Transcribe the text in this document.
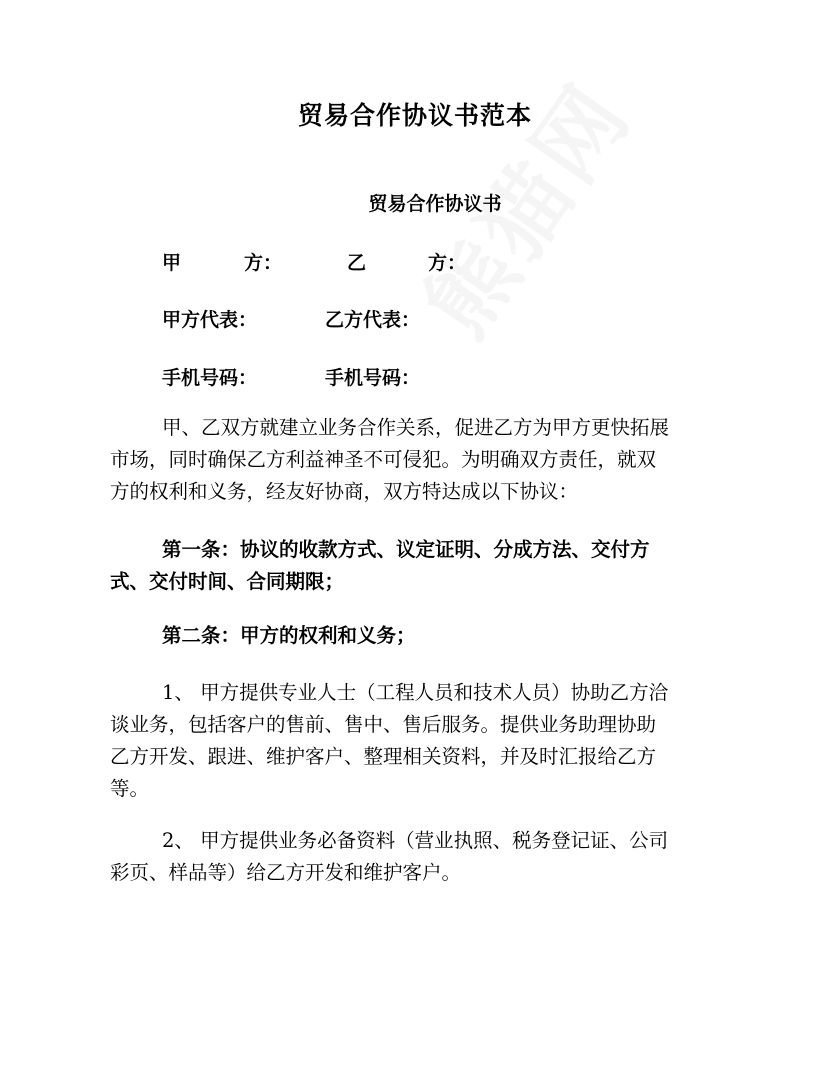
贸易合作协议书范本
贸易合作协议书
甲	方：	乙	方：
甲方代表：	乙方代表：
手机号码：	手机号码：
甲、乙双方就建立业务合作关系，促进乙方为甲方更快拓展
市场，同时确保乙方利益神圣不可侵犯。为明确双方责任，就双
方的权利和义务，经友好协商，双方特达成以下协议：
第一条：协议的收款方式、议定证明、分成方法、交付方
式、交付时间、合同期限；
第二条：甲方的权利和义务；
1、 甲方提供专业人士（工程人员和技术人员）协助乙方洽
谈业务，包括客户的售前、售中、售后服务。提供业务助理协助
乙方开发、跟进、维护客户、整理相关资料，并及时汇报给乙方
等。
2、 甲方提供业务必备资料（营业执照、税务登记证、公司
彩页、样品等）给乙方开发和维护客户。
